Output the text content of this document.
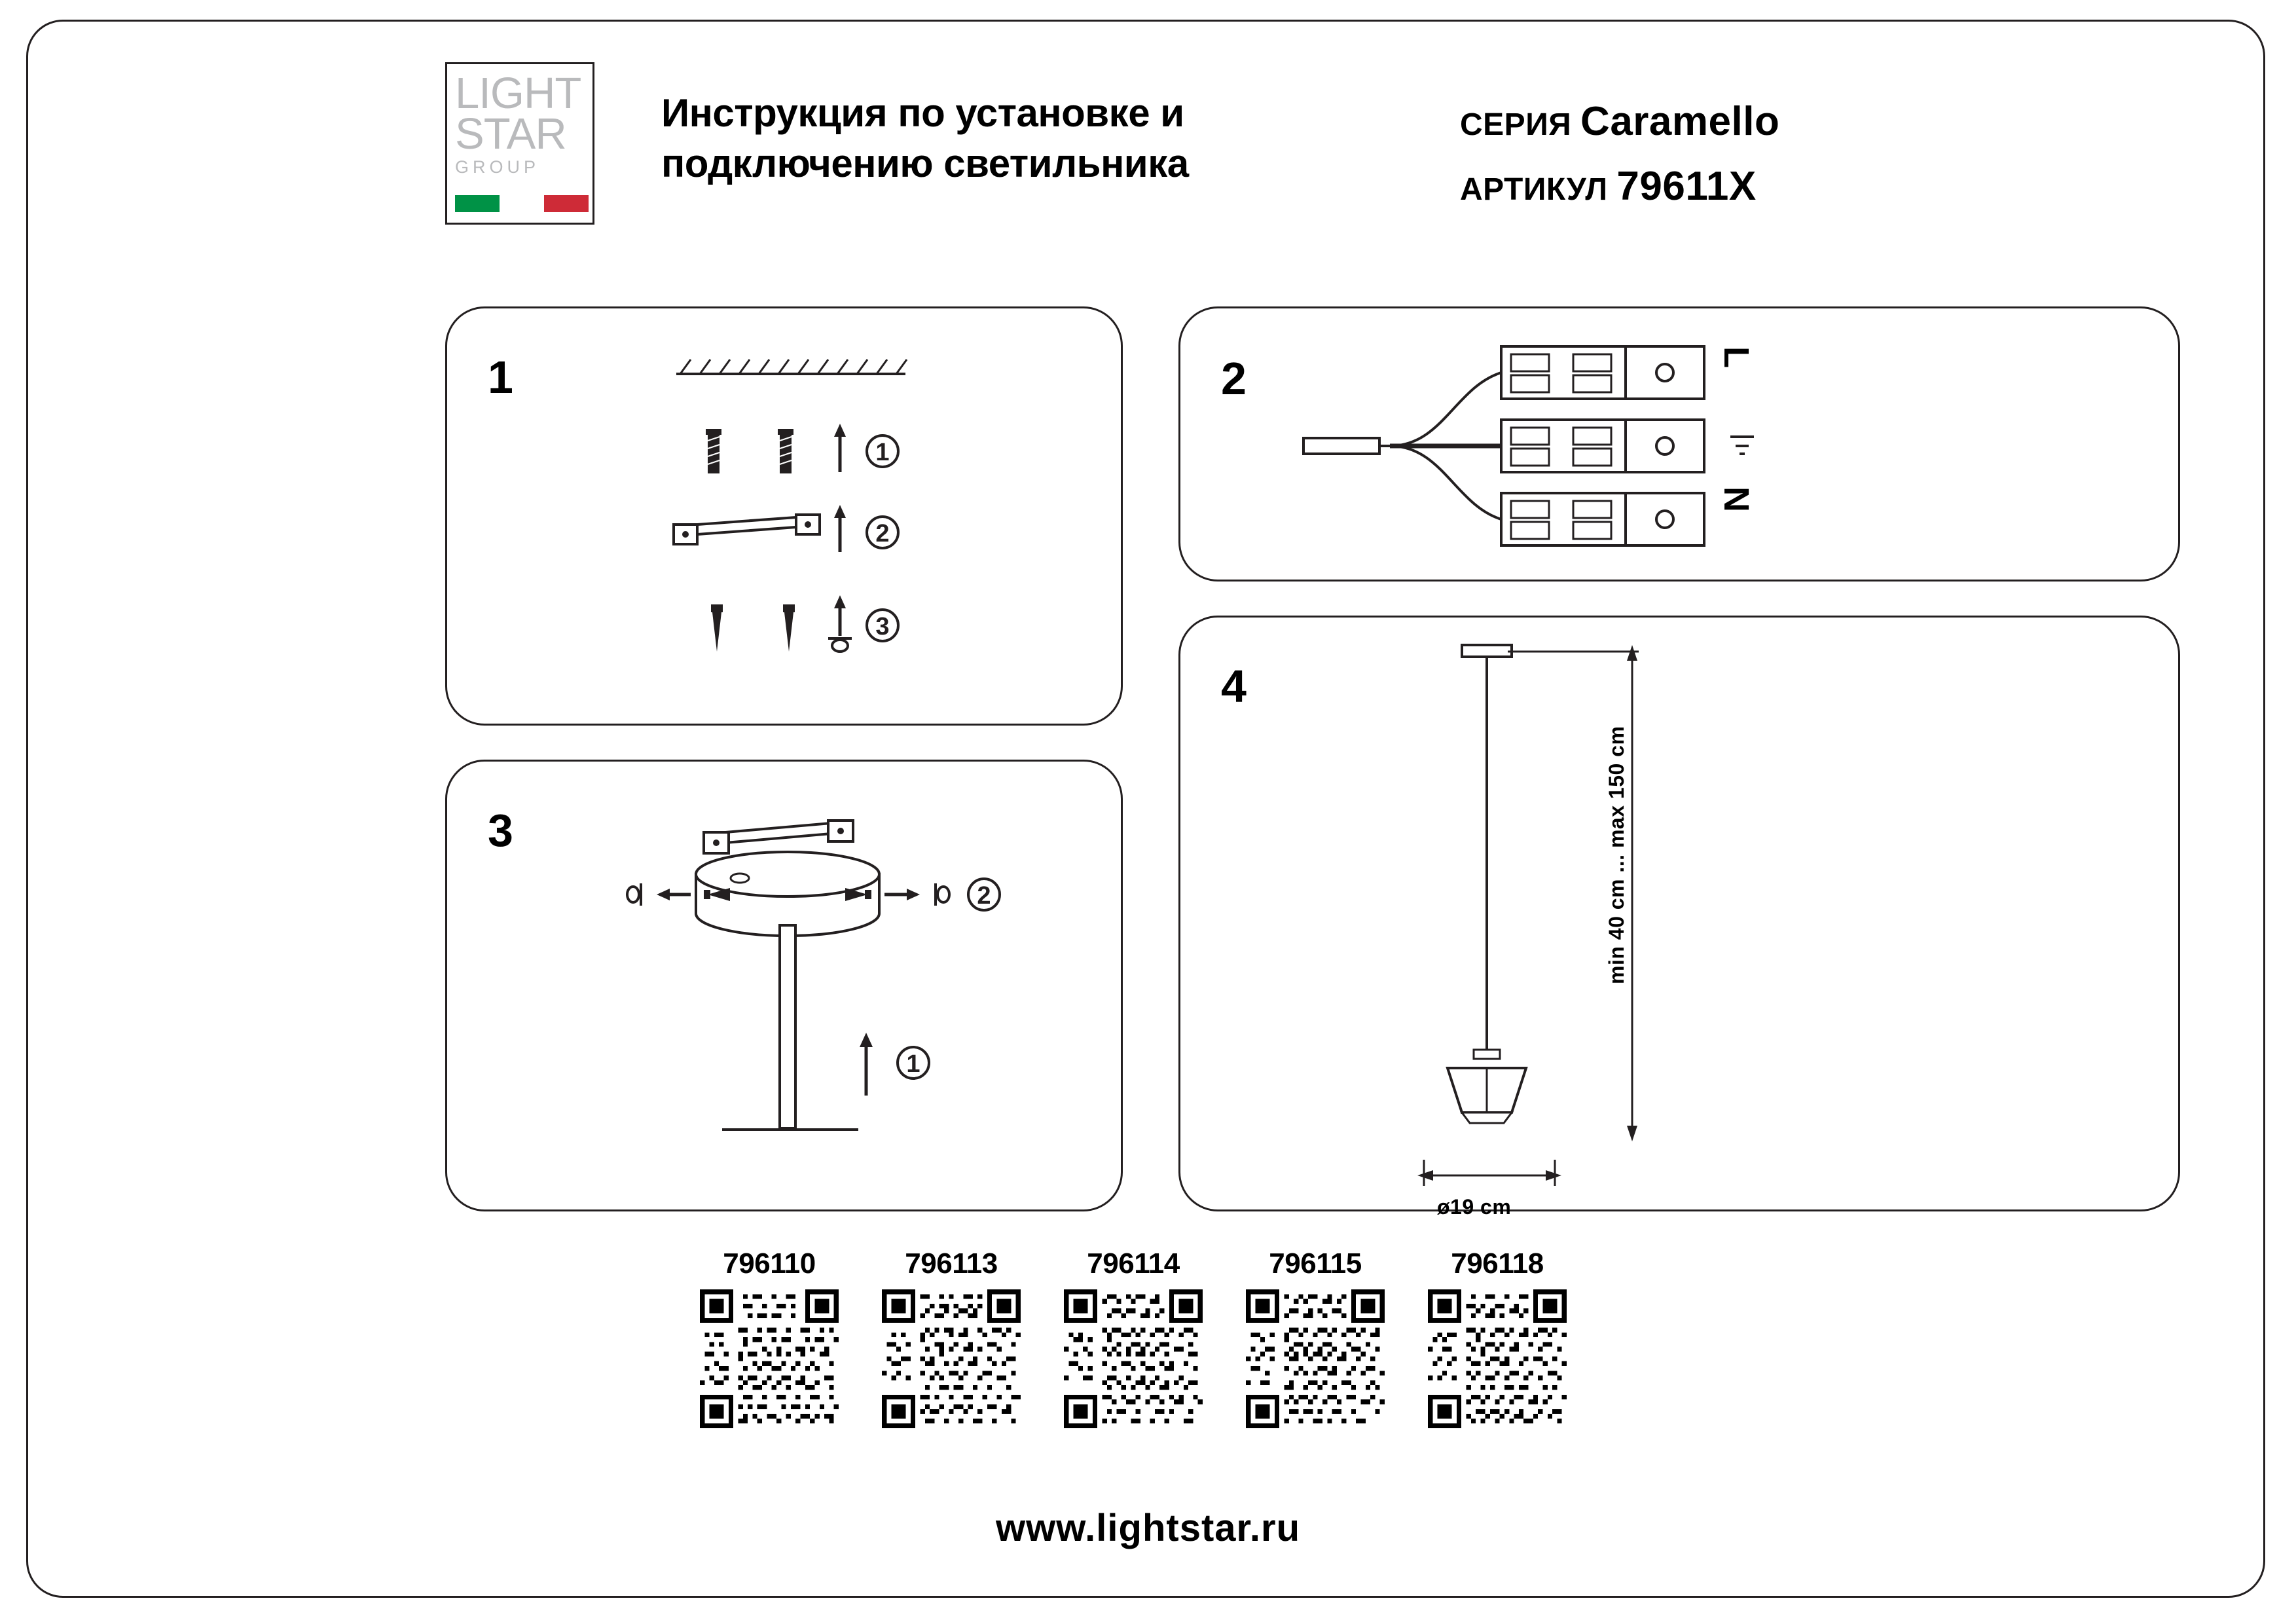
LIGHT
STAR
GROUP
Инструкция по установке и
подключению светильника
СЕРИЯ Caramello
АРТИКУЛ 79611X
1
1
2
3
2	L
N
3
2
1
4
min 40 cm ... max 150 cm
ø19 cm
796110	796113	796114	796115	796118
www.lightstar.ru
